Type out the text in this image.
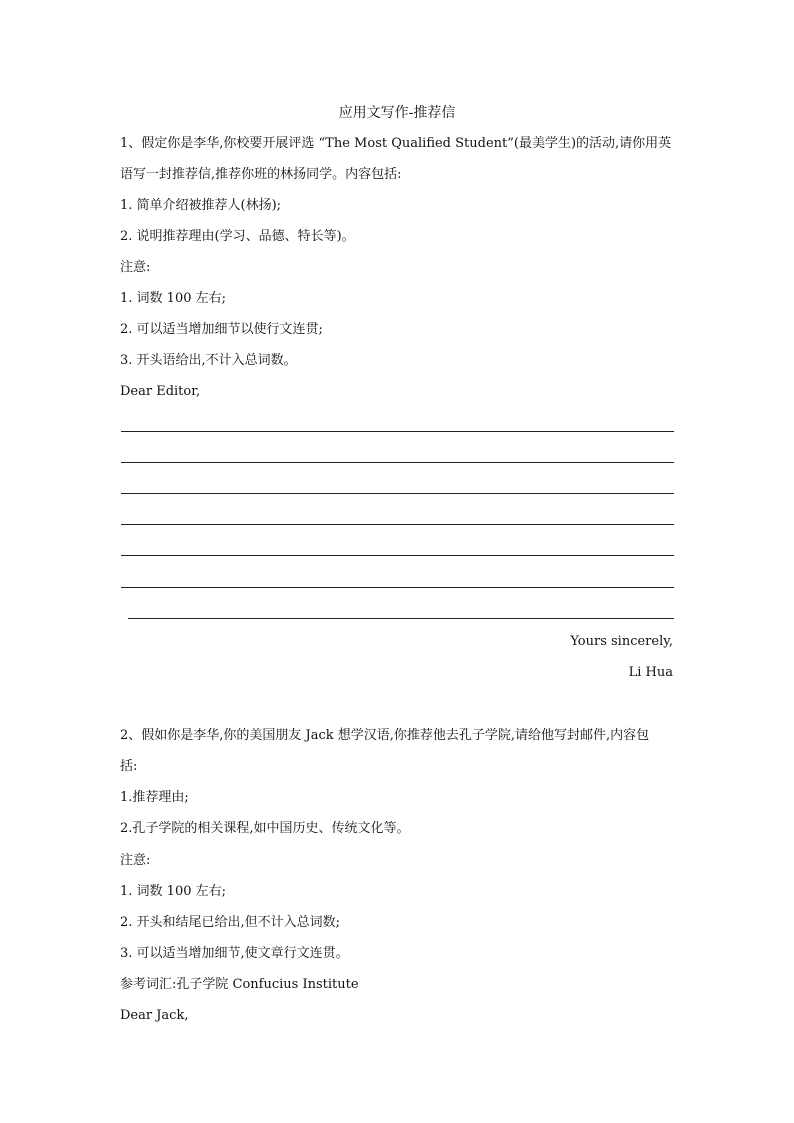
应用文写作-推荐信
1、假定你是李华,你校要开展评选 “The Most Qualified Student”(最美学生)的活动,请你用英
语写一封推荐信,推荐你班的林扬同学。内容包括:
1. 简单介绍被推荐人(林扬);
2. 说明推荐理由(学习、品德、特长等)。
注意:
1. 词数 100 左右;
2. 可以适当增加细节以使行文连贯;
3. 开头语给出,不计入总词数。
Dear Editor,
Yours sincerely,
Li Hua
2、假如你是李华,你的美国朋友 Jack 想学汉语,你推荐他去孔子学院,请给他写封邮件,内容包
括:
1.推荐理由;
2.孔子学院的相关课程,如中国历史、传统文化等。
注意:
1. 词数 100 左右;
2. 开头和结尾已给出,但不计入总词数;
3. 可以适当增加细节,使文章行文连贯。
参考词汇:孔子学院 Confucius Institute
Dear Jack,
